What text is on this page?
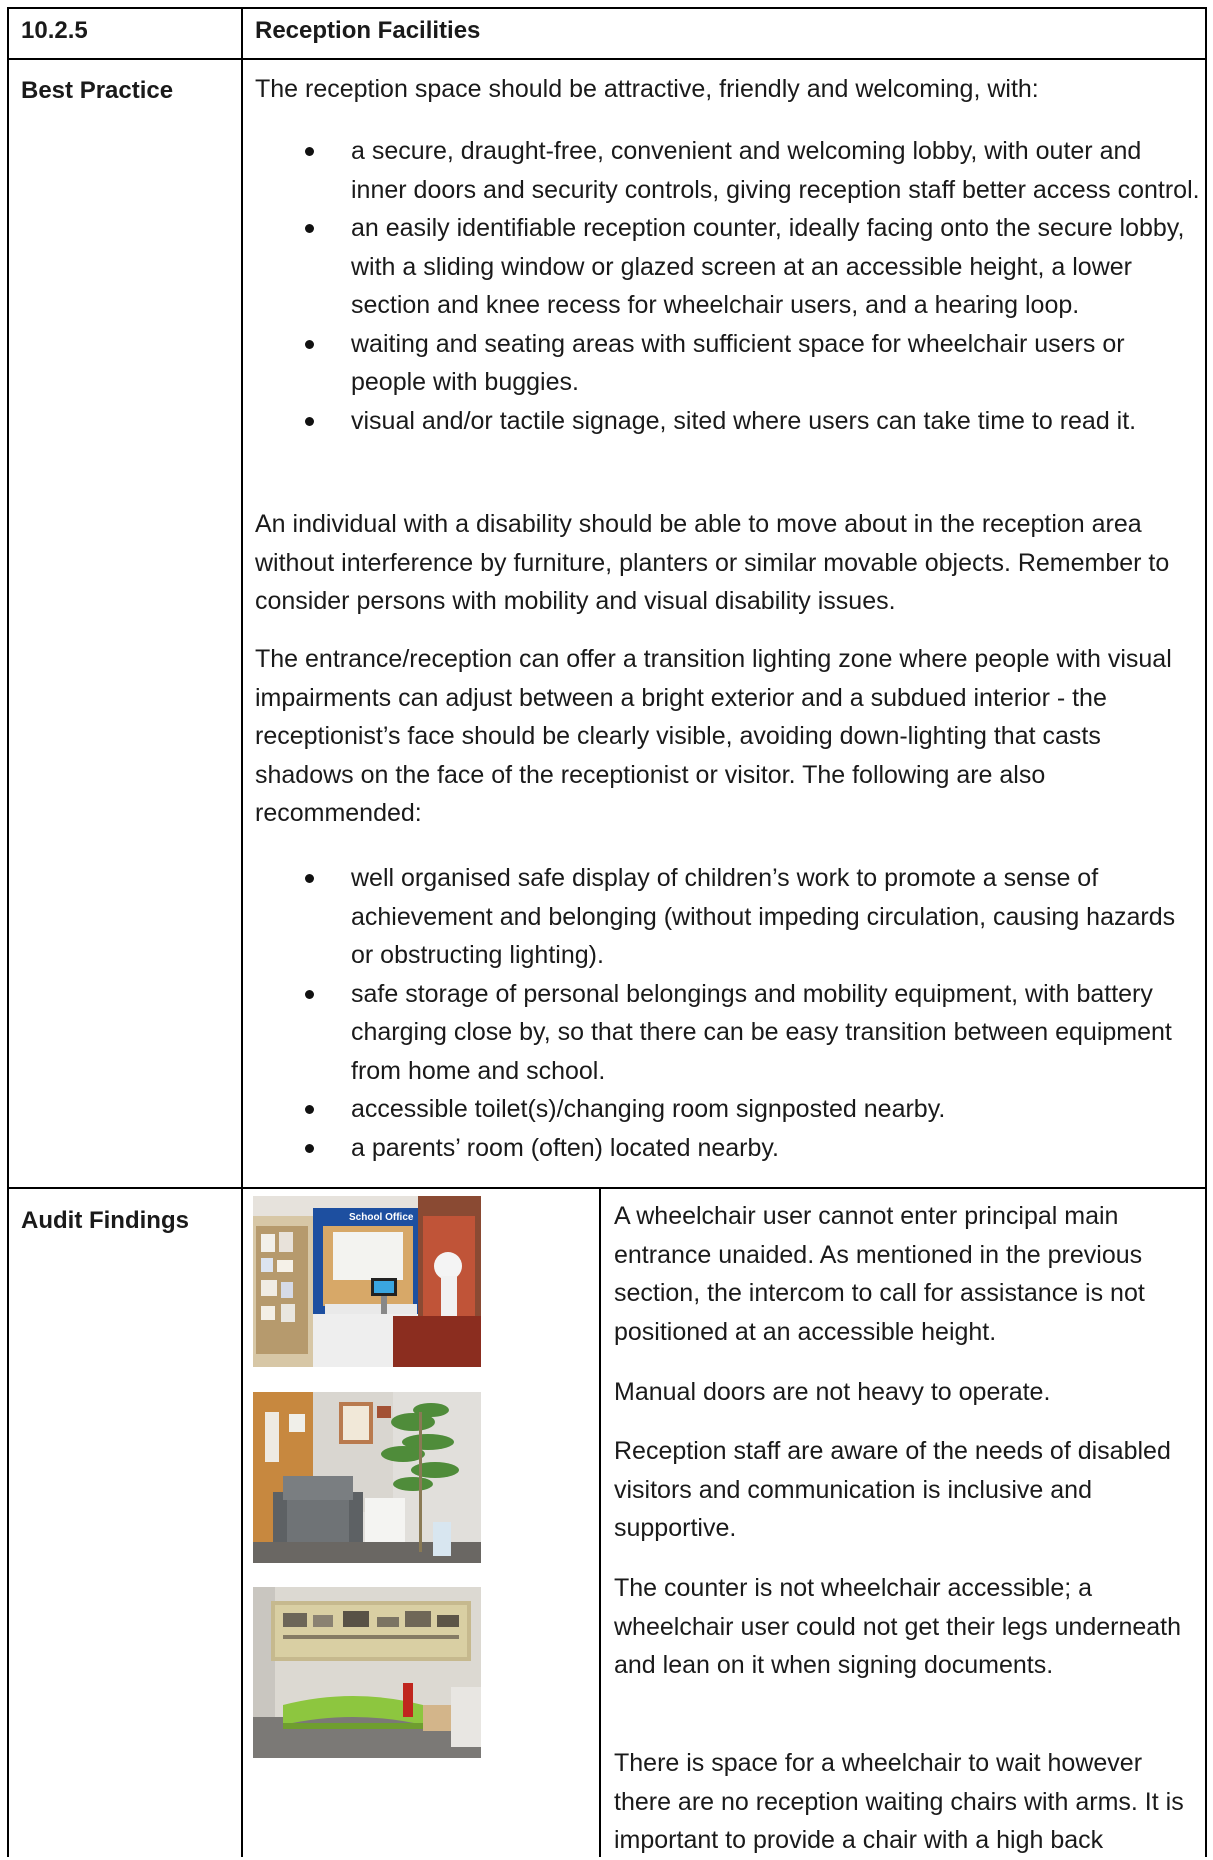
10.2.5	Reception Facilities
Best Practice	The reception space should be attractive, friendly and welcoming, with:

a secure, draught-free, convenient and welcoming lobby, with outer and inner doors and security controls, giving reception staff better access control.
an easily identifiable reception counter, ideally facing onto the secure lobby, with a sliding window or glazed screen at an accessible height, a lower section and knee recess for wheelchair users, and a hearing loop.
waiting and seating areas with sufficient space for wheelchair users or people with buggies.
visual and/or tactile signage, sited where users can take time to read it.

An individual with a disability should be able to move about in the reception area without interference by furniture, planters or similar movable objects. Remember to consider persons with mobility and visual disability issues.

The entrance/reception can offer a transition lighting zone where people with visual impairments can adjust between a bright exterior and a subdued interior - the receptionist’s face should be clearly visible, avoiding down-lighting that casts shadows on the face of the receptionist or visitor. The following are also recommended:

well organised safe display of children’s work to promote a sense of achievement and belonging (without impeding circulation, causing hazards or obstructing lighting).
safe storage of personal belongings and mobility equipment, with battery charging close by, so that there can be easy transition between equipment from home and school.
accessible toilet(s)/changing room signposted nearby.
a parents’ room (often) located nearby.
Audit Findings	School Office	A wheelchair user cannot enter principal main entrance unaided. As mentioned in the previous section, the intercom to call for assistance is not positioned at an accessible height.

Manual doors are not heavy to operate.

Reception staff are aware of the needs of disabled visitors and communication is inclusive and supportive.

The counter is not wheelchair accessible; a wheelchair user could not get their legs underneath and lean on it when signing documents.

There is space for a wheelchair to wait however there are no reception waiting chairs with arms. It is important to provide a chair with a high back
